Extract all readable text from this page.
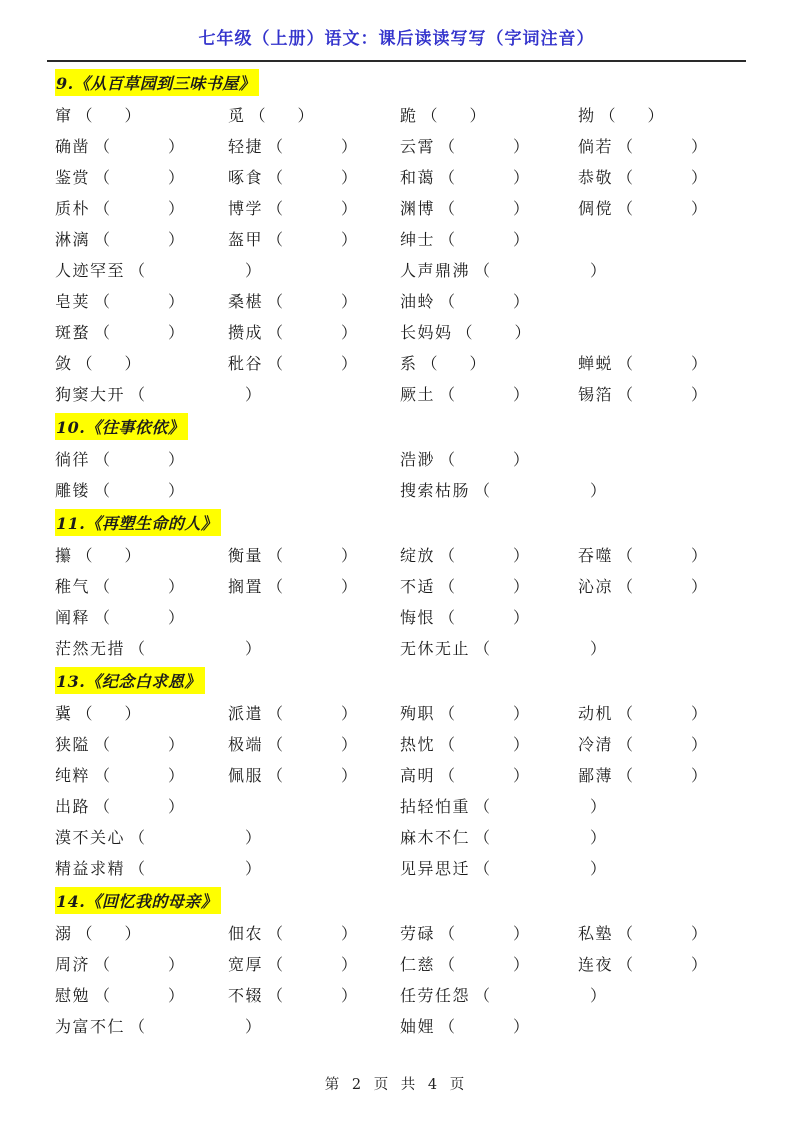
七年级（上册）语文：课后读读写写（字词注音）
9.《从百草园到三味书屋》
窜 （ ）	觅 （ ）	跪 （ ）	拗 （ ）
确凿 （	）	轻捷 （	）	云霄 （	）	倘若 （	）
鉴赏 （	）	啄食 （	）	和蔼 （	）	恭敬 （	）
质朴 （	）	博学 （	）	渊博 （	）	倜傥 （	）
淋漓 （	）	盔甲 （	）	绅士 （	）
人迹罕至 （	）	人声鼎沸 （	）
皂荚 （	）	桑椹 （	）	油蛉 （	）
斑蝥 （	）	攒成 （	）	长妈妈 （	）
敛 （ ）	秕谷 （	）	系 （ ）	蝉蜕 （	）
狗窦大开 （	）	厥土 （	）	锡箔 （	）
10.《往事依依》
徜徉 （	）	浩渺 （	）
雕镂 （	）	搜索枯肠 （	）
11.《再塑生命的人》
攥 （ ）	衡量 （	）	绽放 （	）	吞噬 （	）
稚气 （	）	搁置 （	）	不适 （	）	沁凉 （	）
阐释 （	）	悔恨 （	）
茫然无措 （	）	无休无止 （	）
13.《纪念白求恩》
冀 （ ）	派遣 （	）	殉职 （	）	动机 （	）
狭隘 （	）	极端 （	）	热忱 （	）	冷清 （	）
纯粹 （	）	佩服 （	）	高明 （	）	鄙薄 （	）
出路 （	）	拈轻怕重 （	）
漠不关心 （	）	麻木不仁 （	）
精益求精 （	）	见异思迁 （	）
14.《回忆我的母亲》
溺 （ ）	佃农 （	）	劳碌 （	）	私塾 （	）
周济 （	）	宽厚 （	）	仁慈 （	）	连夜 （	）
慰勉 （	）	不辍 （	）	任劳任怨 （	）
为富不仁 （	）	妯娌 （	）
第 2 页 共 4 页
